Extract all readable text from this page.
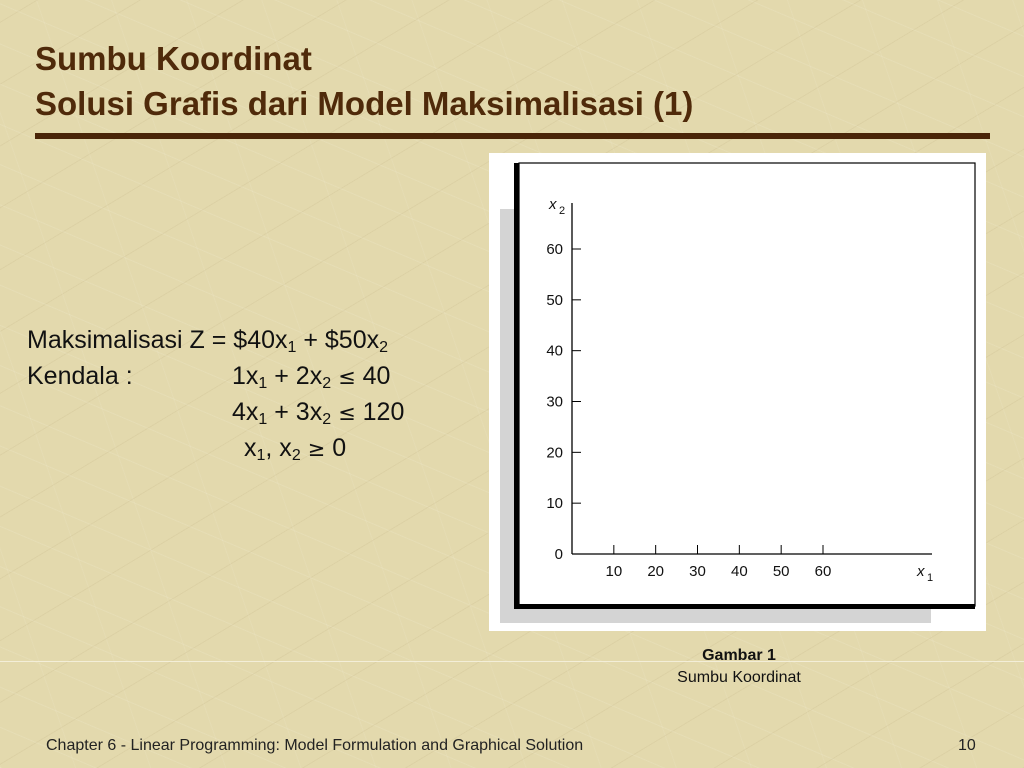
Sumbu Koordinat
Solusi Grafis dari Model Maksimalisasi (1)
Maksimalisasi $Z = \$40x_1$ + $\$50x_2$
Kendala :	$1x_1 + 2x_2 \le 40$
$4x_1 + 3x_2 \le 120$
$x_1$, $x_2 \ge 0$
10 20 30 40 50 60
0
10
20
30
40
50
60
x 1
x 2
Gambar 1
Sumbu Koordinat
Chapter 6 - Linear Programming: Model Formulation and Graphical Solution	10
